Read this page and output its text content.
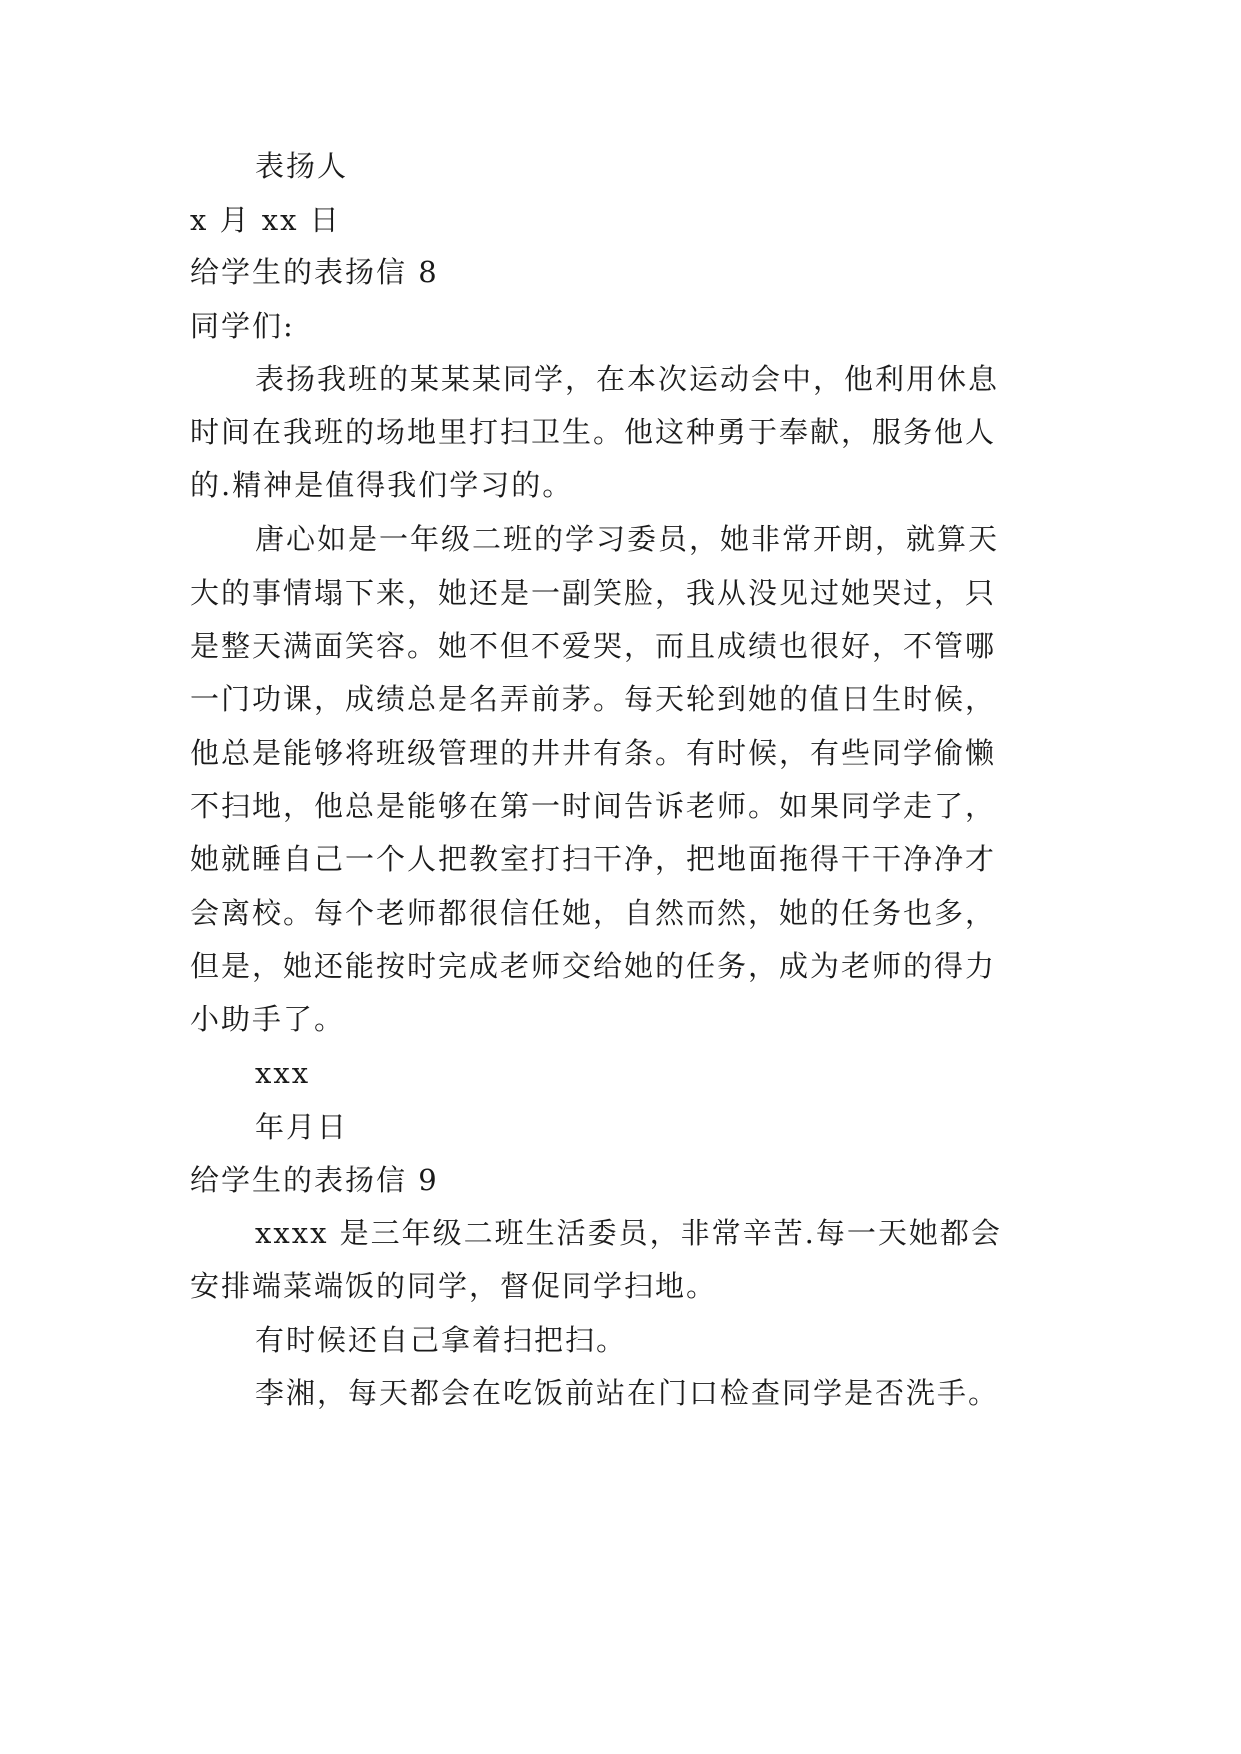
表扬人
x 月 xx 日
给学生的表扬信 8
同学们:
表扬我班的某某某同学，在本次运动会中，他利用休息
时间在我班的场地里打扫卫生。他这种勇于奉献，服务他人
的.精神是值得我们学习的。
唐心如是一年级二班的学习委员，她非常开朗，就算天
大的事情塌下来，她还是一副笑脸，我从没见过她哭过，只
是整天满面笑容。她不但不爱哭，而且成绩也很好，不管哪
一门功课，成绩总是名弄前茅。每天轮到她的值日生时候，
他总是能够将班级管理的井井有条。有时候，有些同学偷懒
不扫地，他总是能够在第一时间告诉老师。如果同学走了，
她就睡自己一个人把教室打扫干净，把地面拖得干干净净才
会离校。每个老师都很信任她，自然而然，她的任务也多，
但是，她还能按时完成老师交给她的任务，成为老师的得力
小助手了。
xxx
年月日
给学生的表扬信 9
xxxx 是三年级二班生活委员，非常辛苦.每一天她都会
安排端菜端饭的同学，督促同学扫地。
有时候还自己拿着扫把扫。
李湘，每天都会在吃饭前站在门口检查同学是否洗手。
